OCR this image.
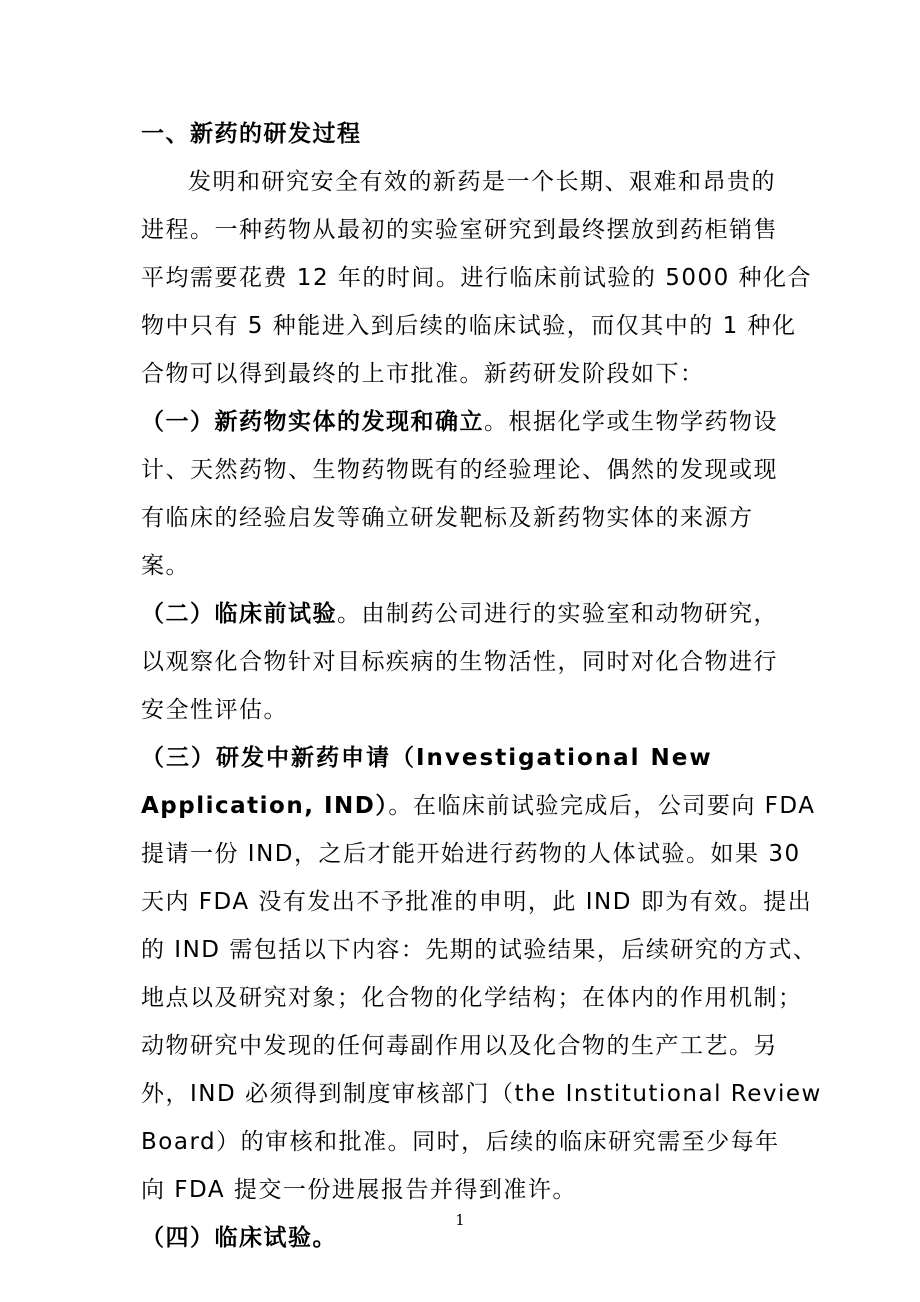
一、新药的研发过程
发明和研究安全有效的新药是一个长期、艰难和昂贵的
进程。一种药物从最初的实验室研究到最终摆放到药柜销售
平均需要花费 12 年的时间。进行临床前试验的 5000 种化合
物中只有 5 种能进入到后续的临床试验，而仅其中的 1 种化
合物可以得到最终的上市批准。新药研发阶段如下：
（一）新药物实体的发现和确立。根据化学或生物学药物设
计、天然药物、生物药物既有的经验理论、偶然的发现或现
有临床的经验启发等确立研发靶标及新药物实体的来源方
案。
（二）临床前试验。由制药公司进行的实验室和动物研究，
以观察化合物针对目标疾病的生物活性，同时对化合物进行
安全性评估。
（三）研发中新药申请（Investigational New
Application, IND）。在临床前试验完成后，公司要向 FDA
提请一份 IND，之后才能开始进行药物的人体试验。如果 30
天内 FDA 没有发出不予批准的申明，此 IND 即为有效。提出
的 IND 需包括以下内容：先期的试验结果，后续研究的方式、
地点以及研究对象；化合物的化学结构；在体内的作用机制；
动物研究中发现的任何毒副作用以及化合物的生产工艺。另
外，IND 必须得到制度审核部门（the Institutional Review
Board）的审核和批准。同时，后续的临床研究需至少每年
向 FDA 提交一份进展报告并得到准许。
（四）临床试验。
1
